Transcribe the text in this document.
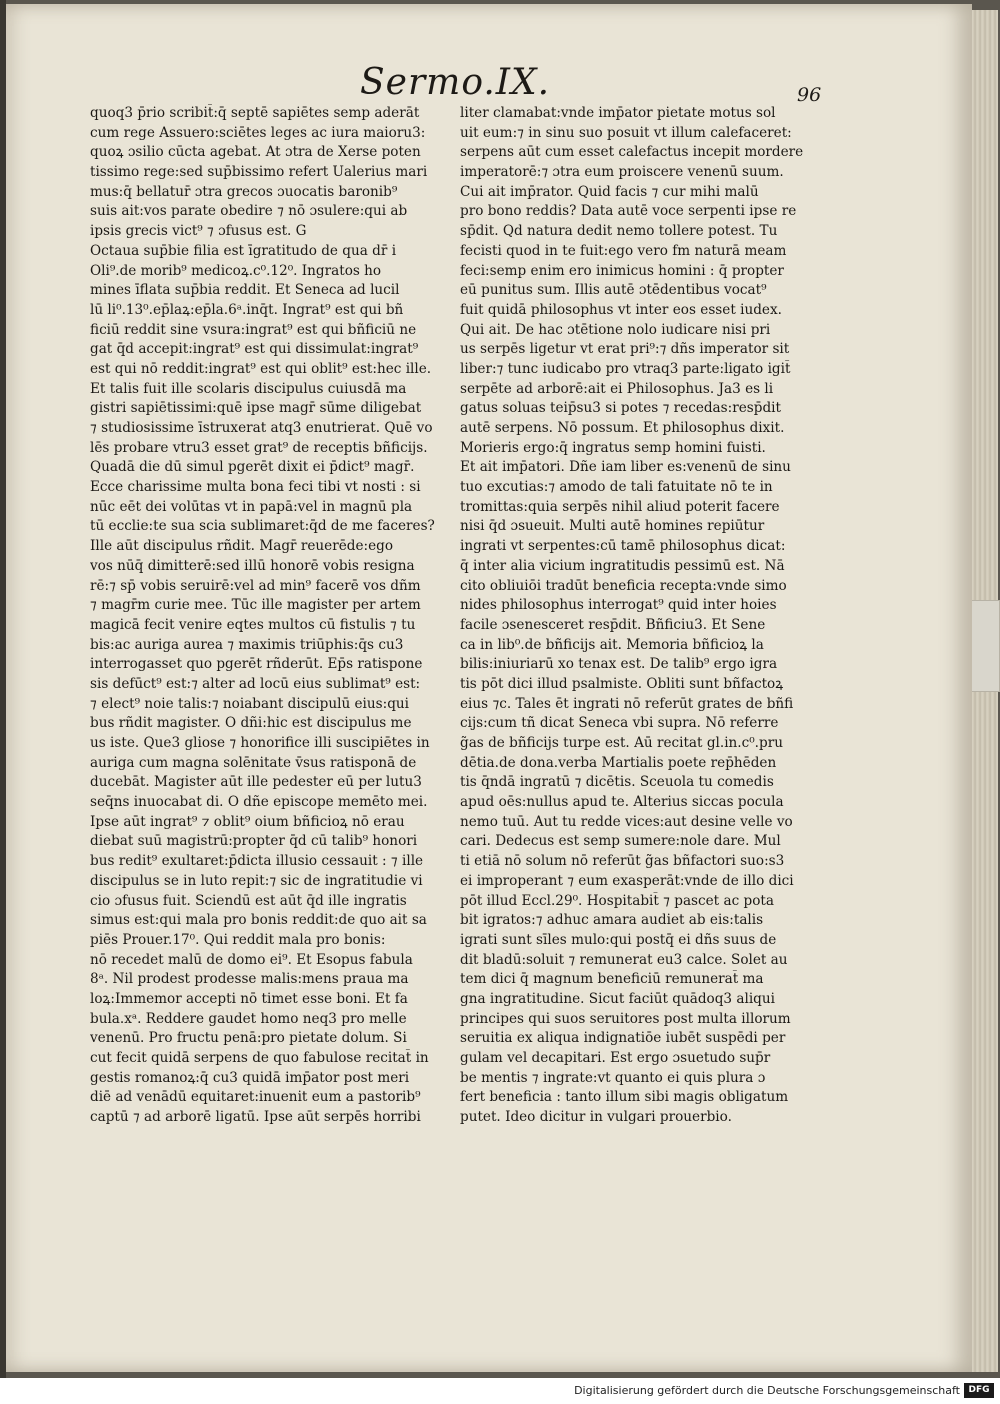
Sermo.IX.	96
quoq3 p̄rio scribit̄:q̄ septē sapiētes semp aderāt
cum rege Assuero:sciētes leges ac iura maioru3:
quoꝝ ɔsilio cūcta agebat. At ɔtra de Xerse poten
tissimo rege:sed sup̄bissimo refert Ualerius mari
mus:q̄ bellatur̄ ɔtra grecos ɔuocatis baronib⁹
suis ait:vos parate obedire ⁊ nō ɔsulere:qui ab
ipsis grecis vict⁹ ⁊ ɔfusus est. G
Octaua sup̄bie filia est īgratitudo de qua dr̄ i
Oli⁹.de morib⁹ medicoꝝ.c⁰.12⁰. Ingratos ho
mines īflata sup̄bia reddit. Et Seneca ad lucil
lū li⁰.13⁰.ep̄laꝝ:ep̄la.6ᵃ.inq̄t. Ingrat⁹ est qui bñ
ficiū reddit sine vsura:ingrat⁹ est qui bñficiū ne
gat q̄d accepit:ingrat⁹ est qui dissimulat:ingrat⁹
est qui nō reddit:ingrat⁹ est qui oblit⁹ est:hec ille.
Et talis fuit ille scolaris discipulus cuiusdā ma
gistri sapiētissimi:quē ipse magr̄ sūme diligebat
⁊ studiosissime īstruxerat atq3 enutrierat. Quē vo
lēs probare vtru3 esset grat⁹ de receptis bñficijs.
Quadā die dū simul pgerēt dixit ei p̄dict⁹ magr̄.
Ecce charissime multa bona feci tibi vt nosti : si
nūc eēt dei volūtas vt in papā:vel in magnū pla
tū ecclie:te sua scia sublimaret:q̄d de me faceres?
Ille aūt discipulus rñdit. Magr̄ reuerēde:ego
vos nūq̄ dimitterē:sed illū honorē vobis resigna
rē:⁊ sp̄ vobis seruirē:vel ad min⁹ facerē vos dñm
⁊ magr̄m curie mee. Tūc ille magister per artem
magicā fecit venire eqtes multos cū fistulis ⁊ tu
bis:ac auriga aurea ⁊ maximis triūphis:q̄s cu3
interrogasset quo pgerēt rñderūt. Ep̄s ratispone
sis defūct⁹ est:⁊ alter ad locū eius sublimat⁹ est:
⁊ elect⁹ noie talis:⁊ noiabant discipulū eius:qui
bus rñdit magister. O dñi:hic est discipulus me
us iste. Que3 gliose ⁊ honorifice illi suscipiētes in
auriga cum magna solēnitate v̄sus ratisponā de
ducebāt. Magister aūt ille pedester eū per lutu3
seq̄ns inuocabat di. O dñe episcope memēto mei.
Ipse aūt ingrat⁹ ⁊ oblit⁹ oium bñficioꝝ nō erau
diebat suū magistrū:propter q̄d cū talib⁹ honori
bus redit⁹ exultaret:p̄dicta illusio cessauit : ⁊ ille
discipulus se in luto repit:⁊ sic de ingratitudie vi
cio ɔfusus fuit. Sciendū est aūt q̄d ille ingratis
simus est:qui mala pro bonis reddit:de quo ait sa
piēs Prouer.17⁰. Qui reddit mala pro bonis:
nō recedet malū de domo ei⁹. Et Esopus fabula
8ᵃ. Nil prodest prodesse malis:mens praua ma
loꝝ:Immemor accepti nō timet esse boni. Et fa
bula.xᵃ. Reddere gaudet homo neq3 pro melle
venenū. Pro fructu penā:pro pietate dolum. Si
cut fecit quidā serpens de quo fabulose recitat̄ in
gestis romanoꝝ:q̄ cu3 quidā imp̄ator post meri
diē ad venādū equitaret:inuenit eum a pastorib⁹
captū ⁊ ad arborē ligatū. Ipse aūt serpēs horribi
liter clamabat:vnde imp̄ator pietate motus sol
uit eum:⁊ in sinu suo posuit vt illum calefaceret:
serpens aūt cum esset calefactus incepit mordere
imperatorē:⁊ ɔtra eum proiscere venenū suum.
Cui ait imp̄rator. Quid facis ⁊ cur mihi malū
pro bono reddis? Data autē voce serpenti ipse re
sp̄dit. Qd natura dedit nemo tollere potest. Tu
fecisti quod in te fuit:ego vero fm naturā meam
feci:semp enim ero inimicus homini : q̄ propter
eū punitus sum. Illis autē ɔtēdentibus vocat⁹
fuit quidā philosophus vt inter eos esset iudex.
Qui ait. De hac ɔtētione nolo iudicare nisi pri
us serpēs ligetur vt erat pri⁹:⁊ dñs imperator sit
liber:⁊ tunc iudicabo pro vtraq3 parte:ligato igit̄
serpēte ad arborē:ait ei Philosophus. Ja3 es li
gatus soluas teip̄su3 si potes ⁊ recedas:resp̄dit
autē serpens. Nō possum. Et philosophus dixit.
Morieris ergo:q̄ ingratus semp homini fuisti.
Et ait imp̄atori. Dñe iam liber es:venenū de sinu
tuo excutias:⁊ amodo de tali fatuitate nō te in
tromittas:quia serpēs nihil aliud poterit facere
nisi q̄d ɔsueuit. Multi autē homines repiūtur
ingrati vt serpentes:cū tamē philosophus dicat:
q̄ inter alia vicium ingratitudis pessimū est. Nā
cito obliuiōi tradūt beneficia recepta:vnde simo
nides philosophus interrogat⁹ quid inter hoies
facile ɔsenesceret resp̄dit. Bñficiu3. Et Sene
ca in lib⁰.de bñficijs ait. Memoria bñficioꝝ la
bilis:iniuriarū xo tenax est. De talib⁹ ergo igra
tis pōt dici illud psalmiste. Obliti sunt bñfactoꝝ
eius ⁊c. Tales ēt ingrati nō referūt grates de bñfi
cijs:cum tñ dicat Seneca vbi supra. Nō referre
g̃as de bñficijs turpe est. Aū recitat gl.in.c⁰.pru
dētia.de dona.verba Martialis poete rep̄hēden
tis q̄ndā ingratū ⁊ dicētis. Sceuola tu comedis
apud oēs:nullus apud te. Alterius siccas pocula
nemo tuū. Aut tu redde vices:aut desine velle vo
cari. Dedecus est semp sumere:nole dare. Mul
ti etiā nō solum nō referūt g̃as bñfactori suo:s3
ei improperant ⁊ eum exasperāt:vnde de illo dici
pōt illud Eccl.29⁰. Hospitabit̄ ⁊ pascet ac pota
bit igratos:⁊ adhuc amara audiet ab eis:talis
igrati sunt sīles mulo:qui postq̄ ei dñs suus de
dit bladū:soluit ⁊ remunerat eu3 calce. Solet au
tem dici q̄ magnum beneficiū remunerat̄ ma
gna ingratitudine. Sicut faciūt quādoq3 aliqui
principes qui suos seruitores post multa illorum
seruitia ex aliqua indignatiōe iubēt suspēdi per
gulam vel decapitari. Est ergo ɔsuetudo sup̄r
be mentis ⁊ ingrate:vt quanto ei quis plura ɔ
fert beneficia : tanto illum sibi magis obligatum
putet. Ideo dicitur in vulgari prouerbio.
Digitalisierung gefördert durch die Deutsche Forschungsgemeinschaft DFG
